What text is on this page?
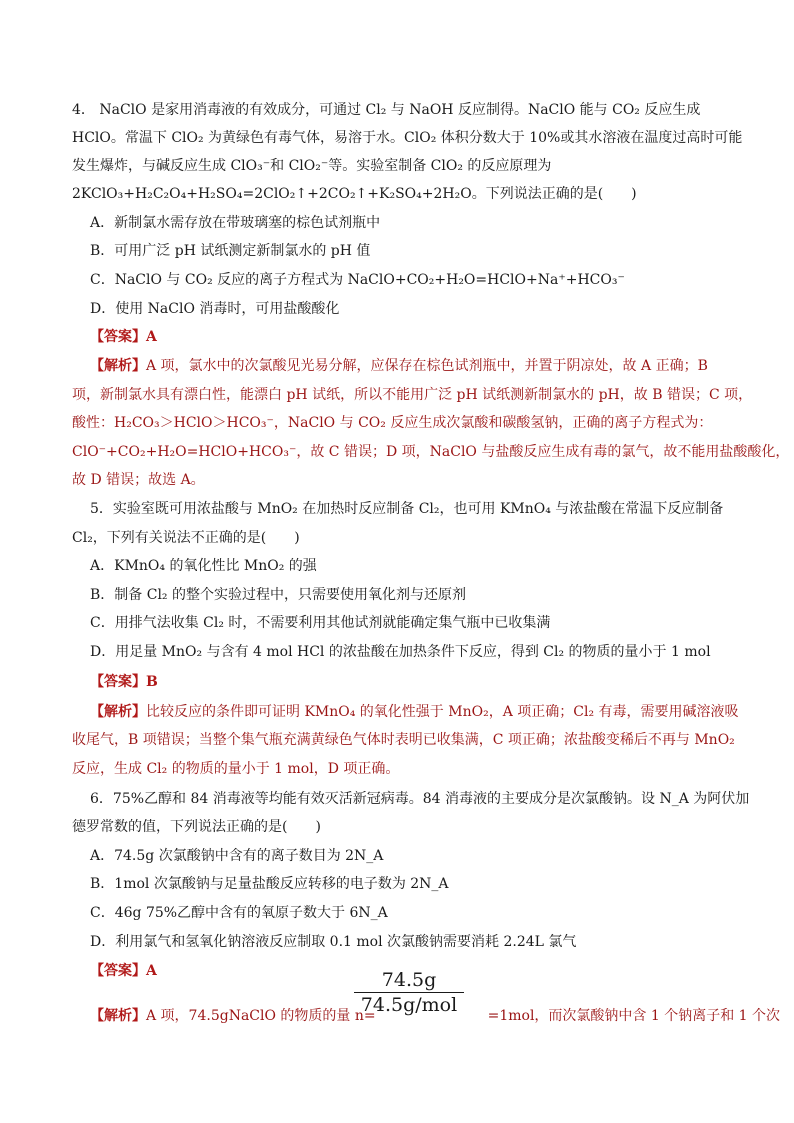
4． NaClO 是家用消毒液的有效成分，可通过 Cl₂ 与 NaOH 反应制得。NaClO 能与 CO₂ 反应生成
HClO。常温下 ClO₂ 为黄绿色有毒气体，易溶于水。ClO₂ 体积分数大于 10%或其水溶液在温度过高时可能
发生爆炸，与碱反应生成 ClO₃⁻和 ClO₂⁻等。实验室制备 ClO₂ 的反应原理为
2KClO₃+H₂C₂O₄+H₂SO₄=2ClO₂↑+2CO₂↑+K₂SO₄+2H₂O。下列说法正确的是(　　)
A．新制氯水需存放在带玻璃塞的棕色试剂瓶中
B．可用广泛 pH 试纸测定新制氯水的 pH 值
C．NaClO 与 CO₂ 反应的离子方程式为 NaClO+CO₂+H₂O=HClO+Na⁺+HCO₃⁻
D．使用 NaClO 消毒时，可用盐酸酸化
【答案】A
【解析】A 项，氯水中的次氯酸见光易分解，应保存在棕色试剂瓶中，并置于阴凉处，故 A 正确；B
项，新制氯水具有漂白性，能漂白 pH 试纸，所以不能用广泛 pH 试纸测新制氯水的 pH，故 B 错误；C 项，
酸性：H₂CO₃＞HClO＞HCO₃⁻，NaClO 与 CO₂ 反应生成次氯酸和碳酸氢钠，正确的离子方程式为：
ClO⁻+CO₂+H₂O=HClO+HCO₃⁻，故 C 错误；D 项，NaClO 与盐酸反应生成有毒的氯气，故不能用盐酸酸化，
故 D 错误；故选 A。
5．实验室既可用浓盐酸与 MnO₂ 在加热时反应制备 Cl₂，也可用 KMnO₄ 与浓盐酸在常温下反应制备
Cl₂，下列有关说法不正确的是(　　)
A．KMnO₄ 的氧化性比 MnO₂ 的强
B．制备 Cl₂ 的整个实验过程中，只需要使用氧化剂与还原剂
C．用排气法收集 Cl₂ 时，不需要利用其他试剂就能确定集气瓶中已收集满
D．用足量 MnO₂ 与含有 4 mol HCl 的浓盐酸在加热条件下反应，得到 Cl₂ 的物质的量小于 1 mol
【答案】B
【解析】比较反应的条件即可证明 KMnO₄ 的氧化性强于 MnO₂，A 项正确；Cl₂ 有毒，需要用碱溶液吸
收尾气，B 项错误；当整个集气瓶充满黄绿色气体时表明已收集满，C 项正确；浓盐酸变稀后不再与 MnO₂
反应，生成 Cl₂ 的物质的量小于 1 mol，D 项正确。
6．75%乙醇和 84 消毒液等均能有效灭活新冠病毒。84 消毒液的主要成分是次氯酸钠。设 N_A 为阿伏加
德罗常数的值，下列说法正确的是(　　)
A．74.5g 次氯酸钠中含有的离子数目为 2N_A
B．1mol 次氯酸钠与足量盐酸反应转移的电子数为 2N_A
C．46g 75%乙醇中含有的氧原子数大于 6N_A
D．利用氯气和氢氧化钠溶液反应制取 0.1 mol 次氯酸钠需要消耗 2.24L 氯气
【答案】A
【解析】A 项，74.5gNaClO 的物质的量 n=	=1mol，而次氯酸钠中含 1 个钠离子和 1 个次
74.5g
74.5g/mol
